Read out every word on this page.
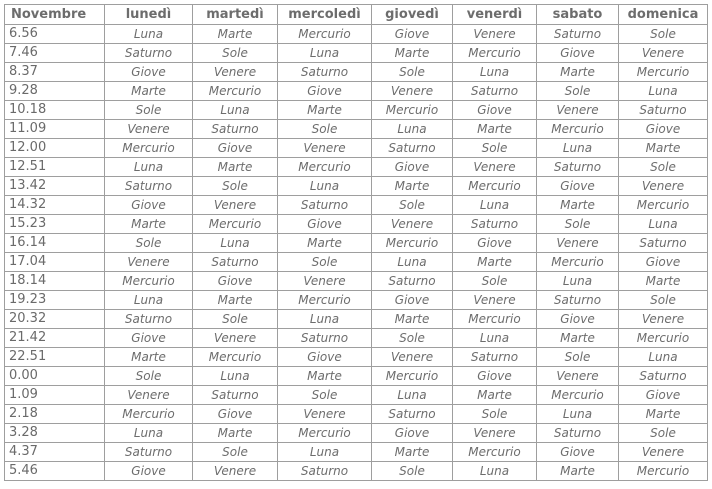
Novembre	lunedì	martedì	mercoledì	giovedì	venerdì	sabato	domenica
6.56	Luna	Marte	Mercurio	Giove	Venere	Saturno	Sole
7.46	Saturno	Sole	Luna	Marte	Mercurio	Giove	Venere
8.37	Giove	Venere	Saturno	Sole	Luna	Marte	Mercurio
9.28	Marte	Mercurio	Giove	Venere	Saturno	Sole	Luna
10.18	Sole	Luna	Marte	Mercurio	Giove	Venere	Saturno
11.09	Venere	Saturno	Sole	Luna	Marte	Mercurio	Giove
12.00	Mercurio	Giove	Venere	Saturno	Sole	Luna	Marte
12.51	Luna	Marte	Mercurio	Giove	Venere	Saturno	Sole
13.42	Saturno	Sole	Luna	Marte	Mercurio	Giove	Venere
14.32	Giove	Venere	Saturno	Sole	Luna	Marte	Mercurio
15.23	Marte	Mercurio	Giove	Venere	Saturno	Sole	Luna
16.14	Sole	Luna	Marte	Mercurio	Giove	Venere	Saturno
17.04	Venere	Saturno	Sole	Luna	Marte	Mercurio	Giove
18.14	Mercurio	Giove	Venere	Saturno	Sole	Luna	Marte
19.23	Luna	Marte	Mercurio	Giove	Venere	Saturno	Sole
20.32	Saturno	Sole	Luna	Marte	Mercurio	Giove	Venere
21.42	Giove	Venere	Saturno	Sole	Luna	Marte	Mercurio
22.51	Marte	Mercurio	Giove	Venere	Saturno	Sole	Luna
0.00	Sole	Luna	Marte	Mercurio	Giove	Venere	Saturno
1.09	Venere	Saturno	Sole	Luna	Marte	Mercurio	Giove
2.18	Mercurio	Giove	Venere	Saturno	Sole	Luna	Marte
3.28	Luna	Marte	Mercurio	Giove	Venere	Saturno	Sole
4.37	Saturno	Sole	Luna	Marte	Mercurio	Giove	Venere
5.46	Giove	Venere	Saturno	Sole	Luna	Marte	Mercurio
